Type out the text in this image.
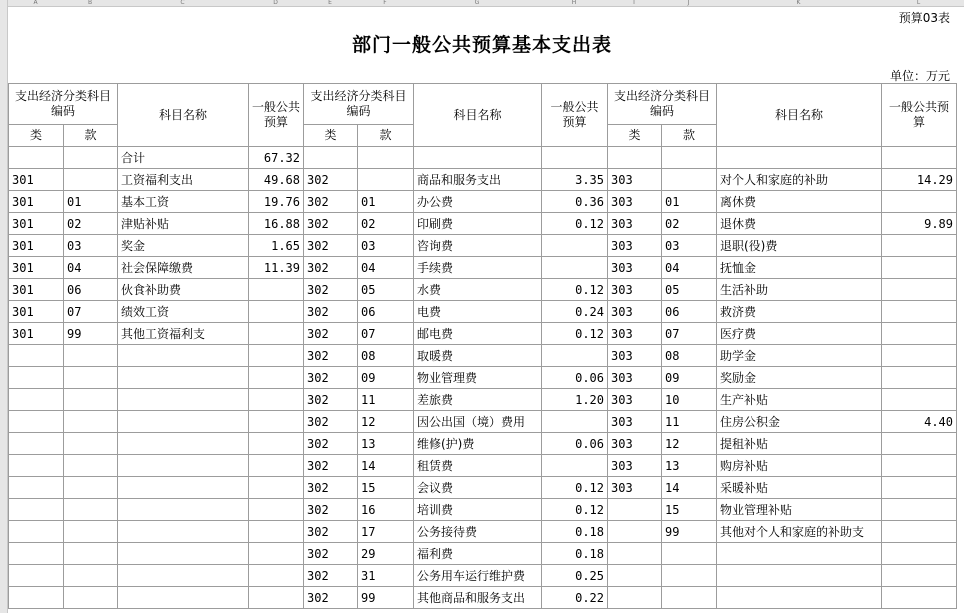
A	B	C	D	E	F	G	H	I	J	K	L
预算03表
部门一般公共预算基本支出表
单位：万元
支出经济分类科目编码		科目名称	一般公共预算	支出经济分类科目编码		科目名称	一般公共预算	支出经济分类科目编码		科目名称	一般公共预算
类	款			类	款			类	款		
		合计	67.32								
301		工资福利支出	49.68	302		商品和服务支出	3.35	303		对个人和家庭的补助	14.29
301	01	基本工资	19.76	302	01	办公费	0.36	303	01	离休费	
301	02	津贴补贴	16.88	302	02	印刷费	0.12	303	02	退休费	9.89
301	03	奖金	1.65	302	03	咨询费		303	03	退职(役)费	
301	04	社会保障缴费	11.39	302	04	手续费		303	04	抚恤金	
301	06	伙食补助费		302	05	水费	0.12	303	05	生活补助	
301	07	绩效工资		302	06	电费	0.24	303	06	救济费	
301	99	其他工资福利支		302	07	邮电费	0.12	303	07	医疗费	
				302	08	取暖费		303	08	助学金	
				302	09	物业管理费	0.06	303	09	奖励金	
				302	11	差旅费	1.20	303	10	生产补贴	
				302	12	因公出国（境）费用		303	11	住房公积金	4.40
				302	13	维修(护)费	0.06	303	12	提租补贴	
				302	14	租赁费		303	13	购房补贴	
				302	15	会议费	0.12	303	14	采暖补贴	
				302	16	培训费	0.12		15	物业管理补贴	
				302	17	公务接待费	0.18		99	其他对个人和家庭的补助支	
				302	29	福利费	0.18				
				302	31	公务用车运行维护费	0.25				
				302	99	其他商品和服务支出	0.22				
